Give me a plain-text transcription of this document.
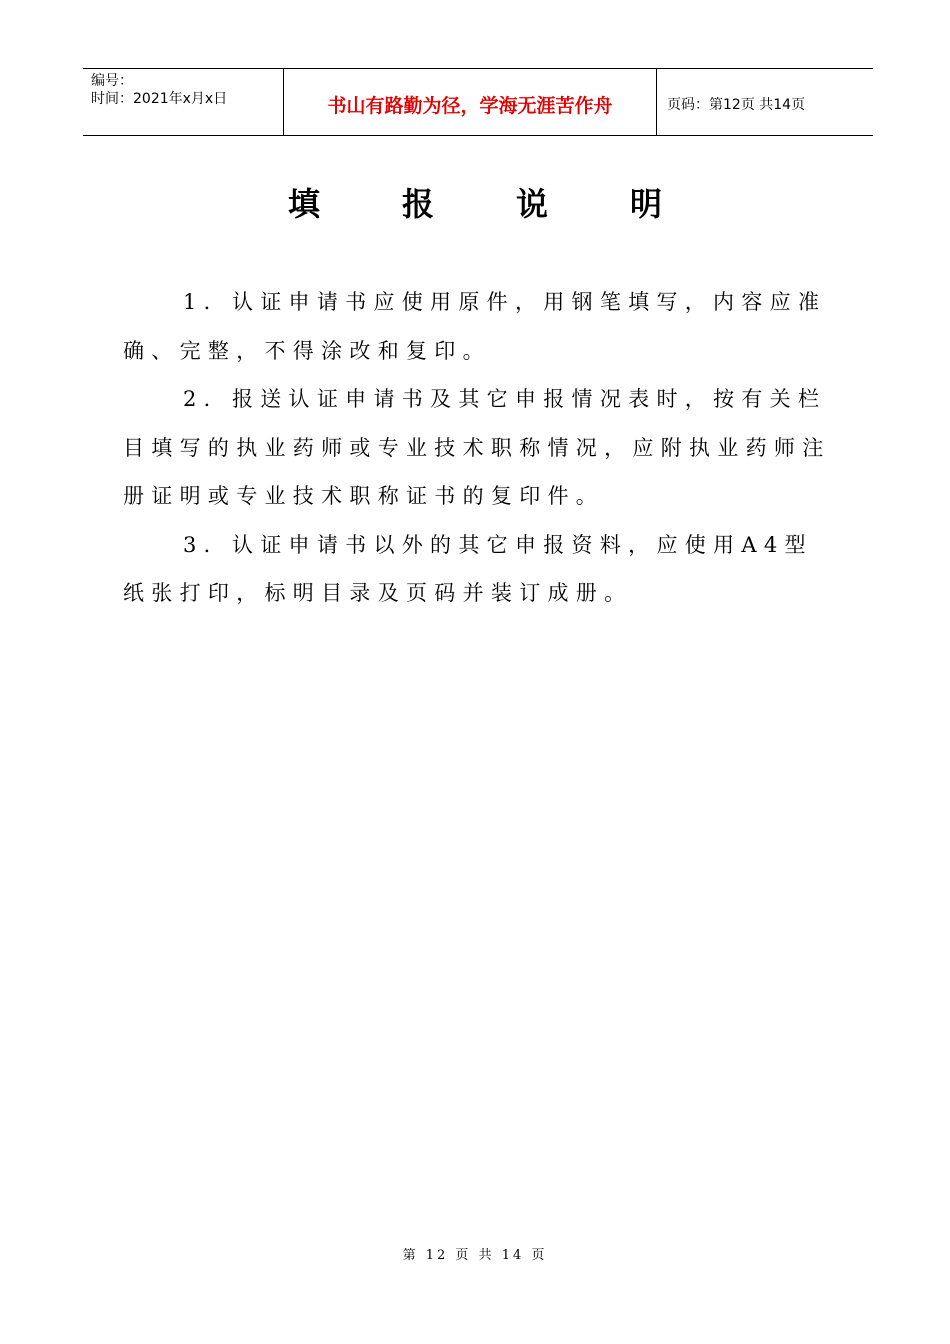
编号：
时间：2021年x月x日	书山有路勤为径，学海无涯苦作舟	页码：第12页 共14页
填报说明

1．认证申请书应使用原件，用钢笔填写，内容应准确、完整，不得涂改和复印。

2．报送认证申请书及其它申报情况表时，按有关栏目填写的执业药师或专业技术职称情况，应附执业药师注册证明或专业技术职称证书的复印件。

3．认证申请书以外的其它申报资料，应使用A4型纸张打印，标明目录及页码并装订成册。

第 12 页 共 14 页
